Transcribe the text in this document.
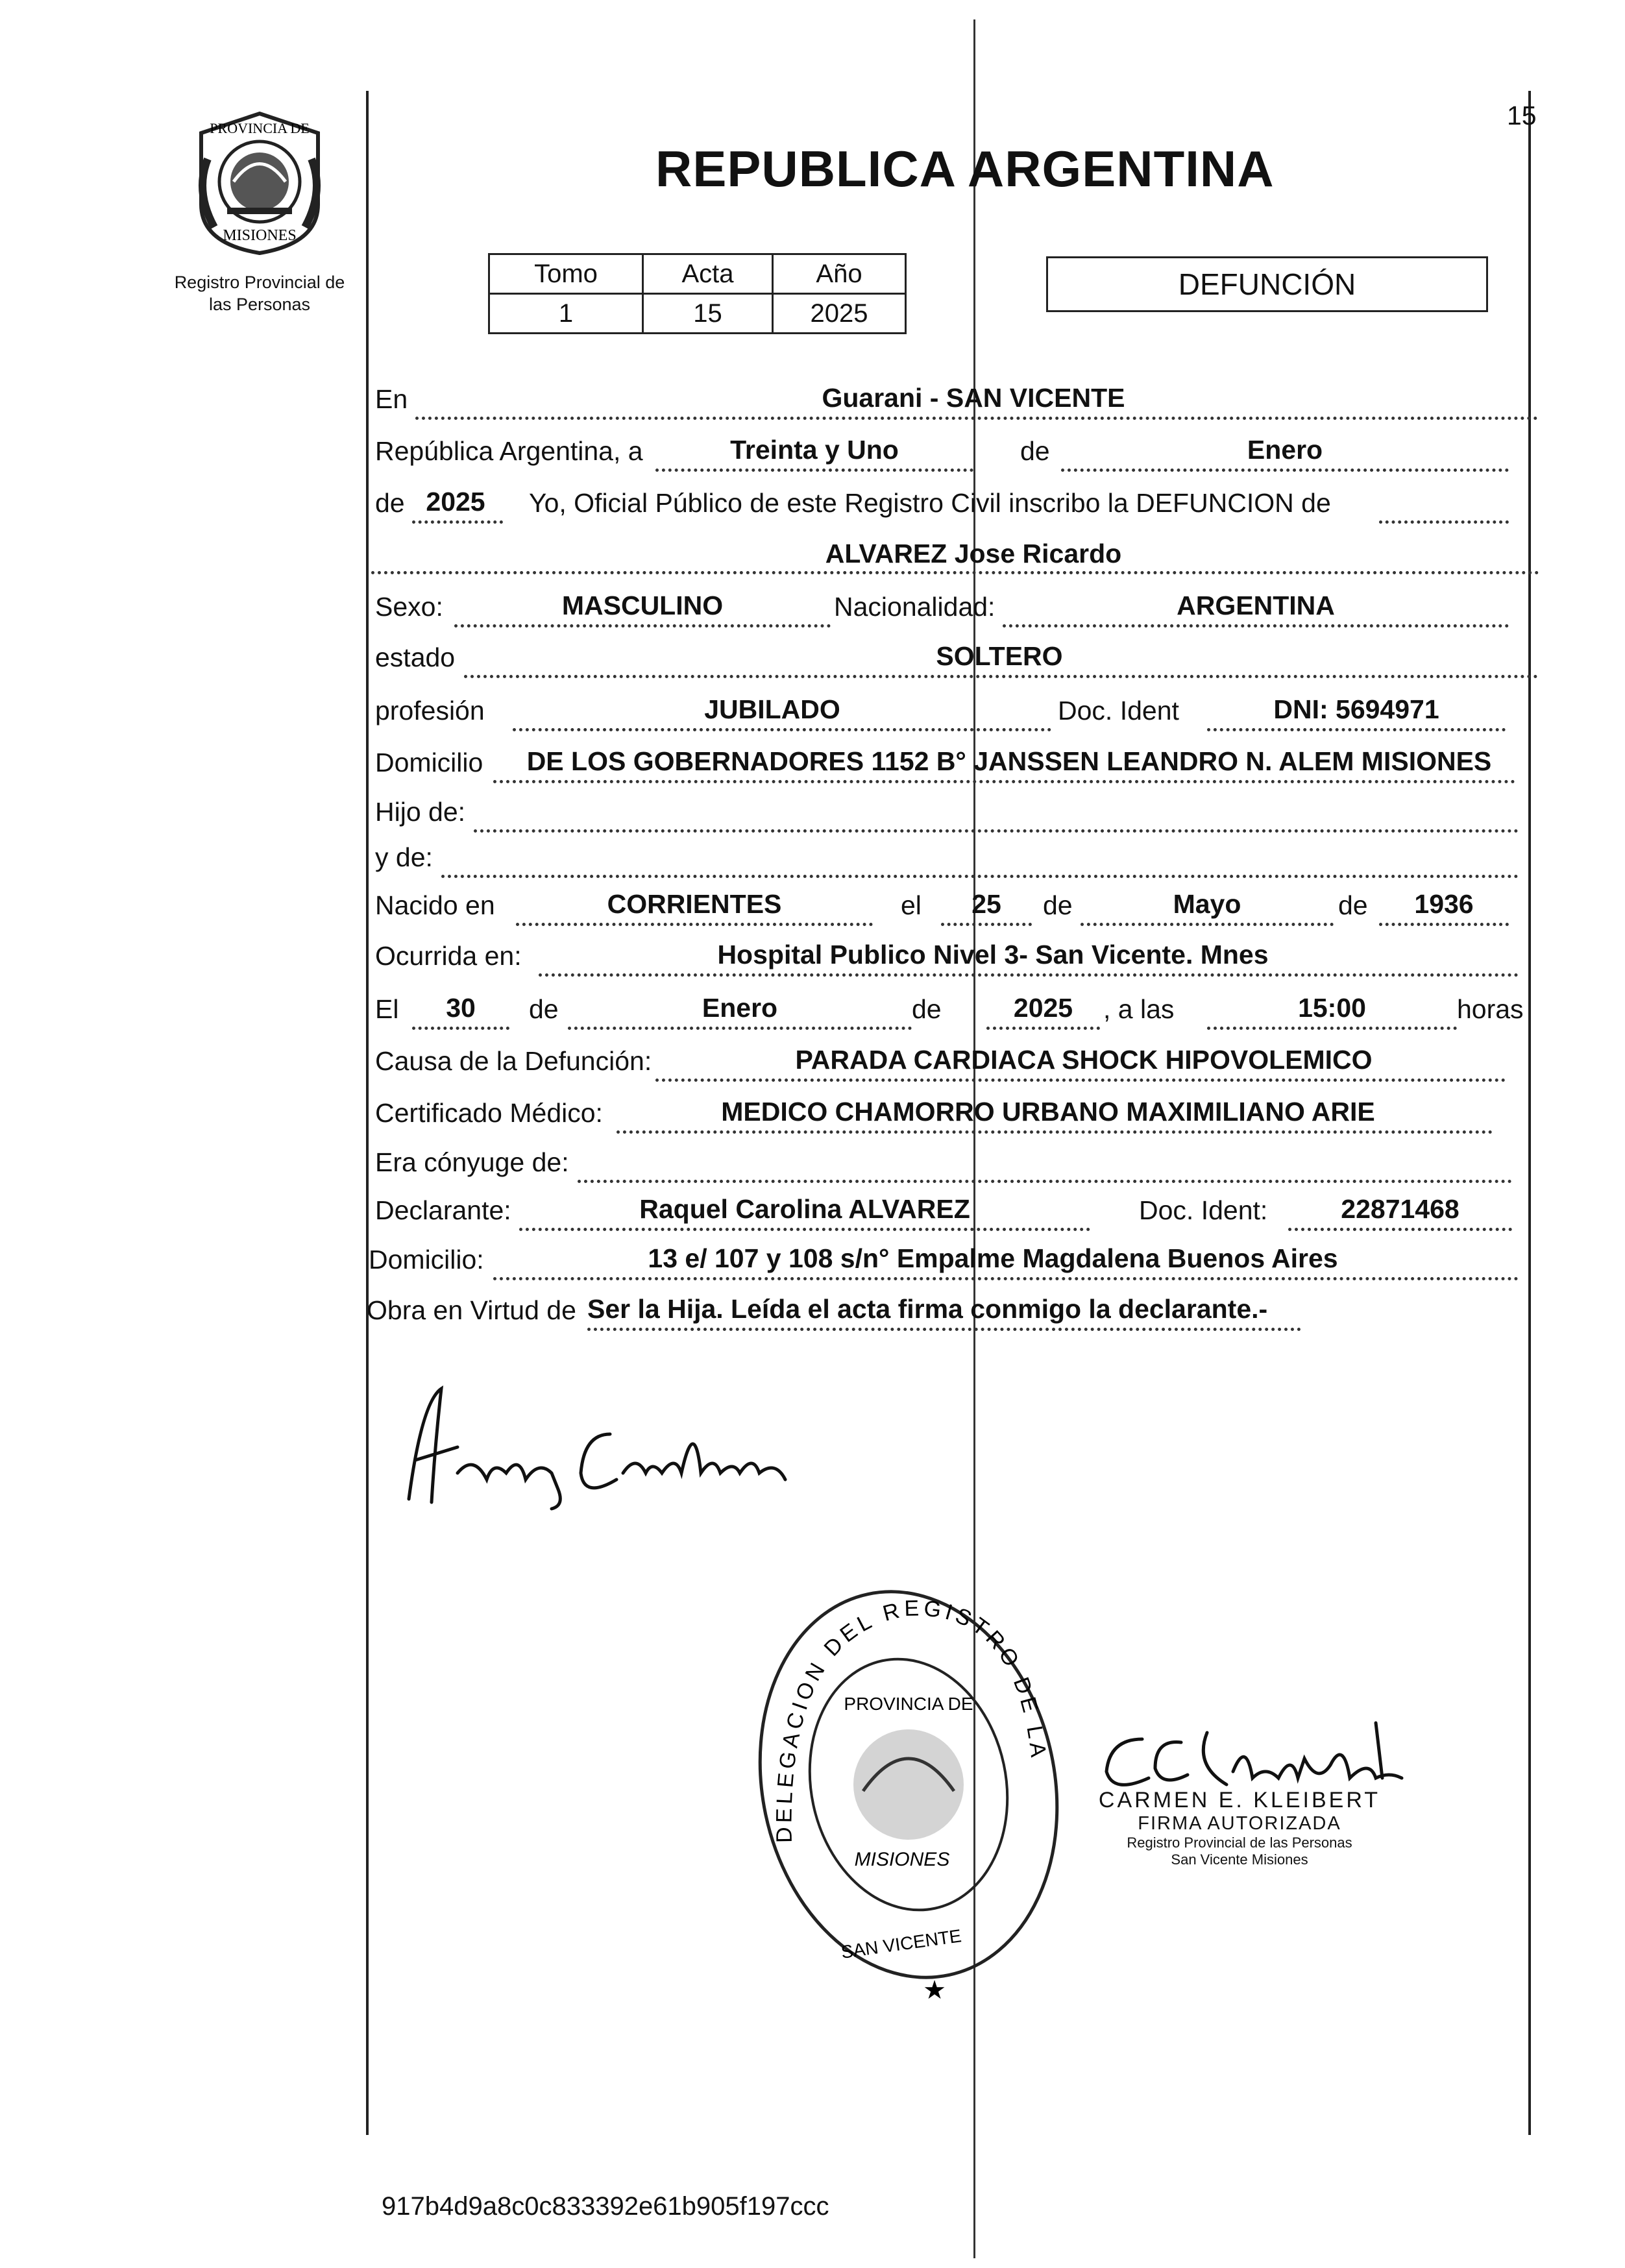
15
PROVINCIA DE
MISIONES
Registro Provincial de
las Personas
REPUBLICA ARGENTINA
Tomo	Acta	Año
1	15	2025
DEFUNCIÓN
En	Guarani - SAN VICENTE
República Argentina, a	Treinta y Uno	de	Enero
de 2025	Yo, Oficial Público de este Registro Civil inscribo la DEFUNCION de
ALVAREZ Jose Ricardo
Sexo:	MASCULINO	Nacionalidad:	ARGENTINA
estado	SOLTERO
profesión	JUBILADO	Doc. Ident	DNI: 5694971
Domicilio	DE LOS GOBERNADORES 1152 B° JANSSEN LEANDRO N. ALEM MISIONES
Hijo de:
y de:
Nacido en	CORRIENTES	el	25	de	Mayo	de	1936
Ocurrida en:	Hospital Publico Nivel 3- San Vicente. Mnes
El	30	de	Enero	de	2025	, a las	15:00	horas
Causa de la Defunción:	PARADA CARDIACA SHOCK HIPOVOLEMICO
Certificado Médico:	MEDICO CHAMORRO URBANO MAXIMILIANO ARIE
Era cónyuge de:
Declarante:	Raquel Carolina ALVAREZ	Doc. Ident:	22871468
Domicilio:	13 e/ 107 y 108 s/n° Empalme Magdalena Buenos Aires
Obra en Virtud de Ser la Hija. Leída el acta firma conmigo la declarante.-
DELEGACION DEL REGISTRO DE LA
PROVINCIA DE
MISIONES
SAN VICENTE
★
CARMEN E. KLEIBERT
FIRMA AUTORIZADA
Registro Provincial de las Personas
San Vicente Misiones
917b4d9a8c0c833392e61b905f197ccc
